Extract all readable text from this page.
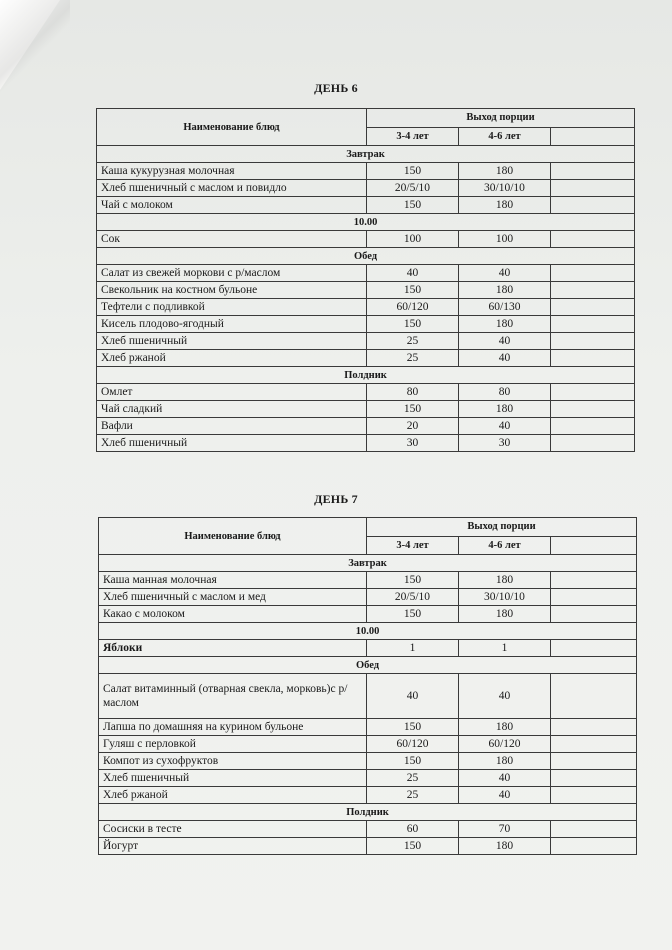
ДЕНЬ 6
Наименование блюд	Выход порции		
	3-4 лет	4-6 лет	
Завтрак			
Каша кукурузная молочная	150	180	
Хлеб пшеничный с маслом и повидло	20/5/10	30/10/10	
Чай с молоком	150	180	
10.00			
Сок	100	100	
Обед			
Салат из свежей моркови с р/маслом	40	40	
Свекольник на костном бульоне	150	180	
Тефтели с подливкой	60/120	60/130	
Кисель плодово-ягодный	150	180	
Хлеб пшеничный	25	40	
Хлеб ржаной	25	40	
Полдник			
Омлет	80	80	
Чай сладкий	150	180	
Вафли	20	40	
Хлеб пшеничный	30	30	
ДЕНЬ 7
Наименование блюд	Выход порции		
	3-4 лет	4-6 лет	
Завтрак			
Каша манная молочная	150	180	
Хлеб пшеничный с маслом и мед	20/5/10	30/10/10	
Какао с молоком	150	180	
10.00			
Яблоки	1	1	
Обед			
Салат витаминный (отварная свекла, морковь)с р/маслом	40	40	
Лапша по домашняя на курином бульоне	150	180	
Гуляш с перловкой	60/120	60/120	
Компот из сухофруктов	150	180	
Хлеб пшеничный	25	40	
Хлеб ржаной	25	40	
Полдник			
Сосиски в тесте	60	70	
Йогурт	150	180	
